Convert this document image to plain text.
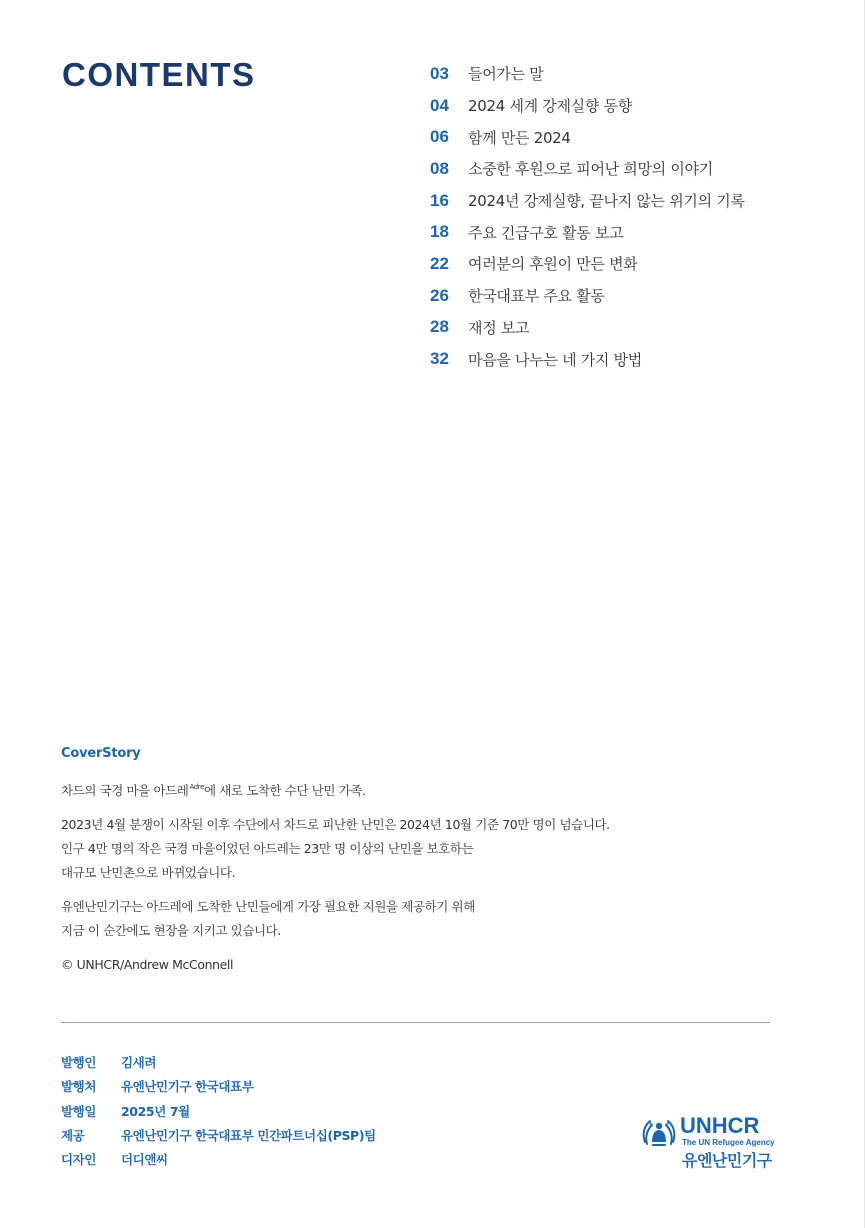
CONTENTS	03	들어가는 말
04	2024 세계 강제실향 동향
06	함께 만든 2024
08	소중한 후원으로 피어난 희망의 이야기
16	2024년 강제실향, 끝나지 않는 위기의 기록
18	주요 긴급구호 활동 보고
22	여러분의 후원이 만든 변화
26	한국대표부 주요 활동
28	재정 보고
32	마음을 나누는 네 가지 방법
CoverStory

차드의 국경 마을 아드레$^{Adre}$에 새로 도착한 수단 난민 가족.

2023년 4월 분쟁이 시작된 이후 수단에서 차드로 피난한 난민은 2024년 10월 기준 70만 명이 넘습니다.
인구 4만 명의 작은 국경 마을이었던 아드레는 23만 명 이상의 난민을 보호하는
대규모 난민촌으로 바뀌었습니다.

유엔난민기구는 아드레에 도착한 난민들에게 가장 필요한 지원을 제공하기 위해
지금 이 순간에도 현장을 지키고 있습니다.

© UNHCR/Andrew McConnell

발행인	김새려
발행처	유엔난민기구 한국대표부
발행일	2025년 7월
제공	유엔난민기구 한국대표부 민간파트너십(PSP)팀
디자인	더디앤씨
UNHCR
The UN Refugee Agency
유엔난민기구
